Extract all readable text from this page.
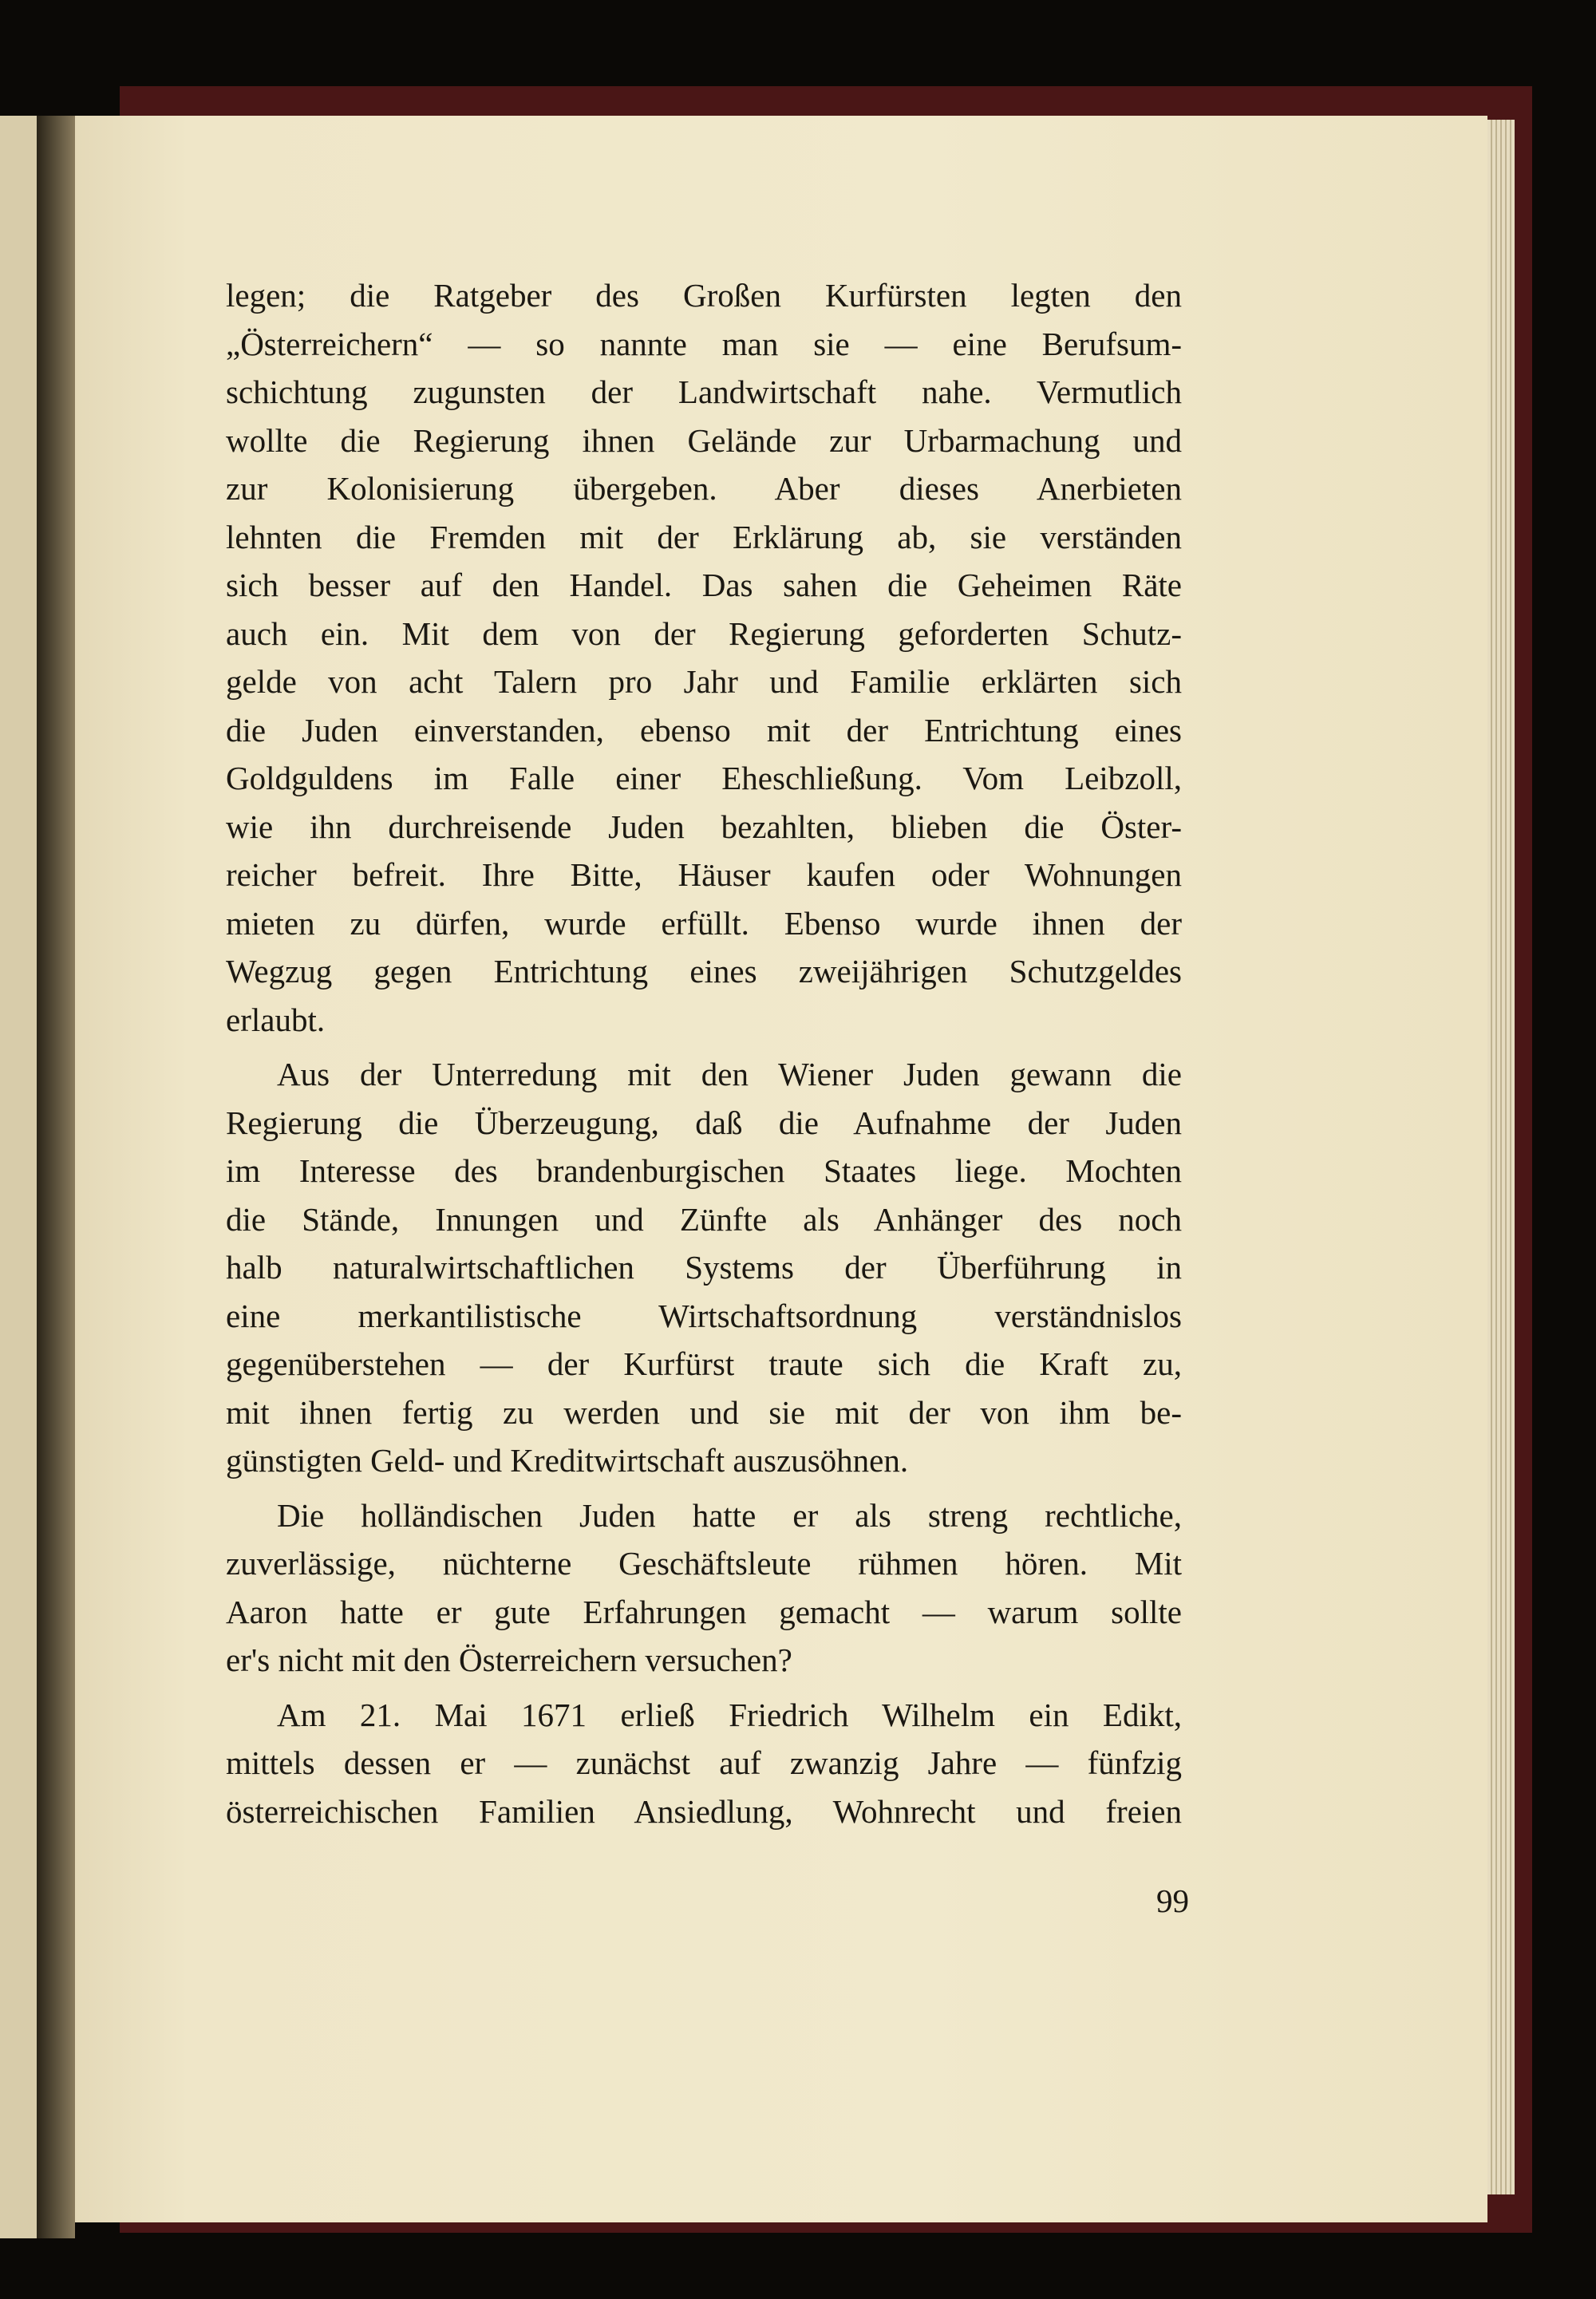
legen; die Ratgeber des Großen Kurfürsten legten den
„Österreichern“ — so nannte man sie — eine Berufsum-
schichtung zugunsten der Landwirtschaft nahe. Vermutlich
wollte die Regierung ihnen Gelände zur Urbarmachung und
zur Kolonisierung übergeben. Aber dieses Anerbieten
lehnten die Fremden mit der Erklärung ab, sie verständen
sich besser auf den Handel. Das sahen die Geheimen Räte
auch ein. Mit dem von der Regierung geforderten Schutz-
gelde von acht Talern pro Jahr und Familie erklärten sich
die Juden einverstanden, ebenso mit der Entrichtung eines
Goldguldens im Falle einer Eheschließung. Vom Leibzoll,
wie ihn durchreisende Juden bezahlten, blieben die Öster-
reicher befreit. Ihre Bitte, Häuser kaufen oder Wohnungen
mieten zu dürfen, wurde erfüllt. Ebenso wurde ihnen der
Wegzug gegen Entrichtung eines zweijährigen Schutzgeldes
erlaubt.
Aus der Unterredung mit den Wiener Juden gewann die
Regierung die Überzeugung, daß die Aufnahme der Juden
im Interesse des brandenburgischen Staates liege. Mochten
die Stände, Innungen und Zünfte als Anhänger des noch
halb naturalwirtschaftlichen Systems der Überführung in
eine merkantilistische Wirtschaftsordnung verständnislos
gegenüberstehen — der Kurfürst traute sich die Kraft zu,
mit ihnen fertig zu werden und sie mit der von ihm be-
günstigten Geld- und Kreditwirtschaft auszusöhnen.
Die holländischen Juden hatte er als streng rechtliche,
zuverlässige, nüchterne Geschäftsleute rühmen hören. Mit
Aaron hatte er gute Erfahrungen gemacht — warum sollte
er's nicht mit den Österreichern versuchen?
Am 21. Mai 1671 erließ Friedrich Wilhelm ein Edikt,
mittels dessen er — zunächst auf zwanzig Jahre — fünfzig
österreichischen Familien Ansiedlung, Wohnrecht und freien
99
